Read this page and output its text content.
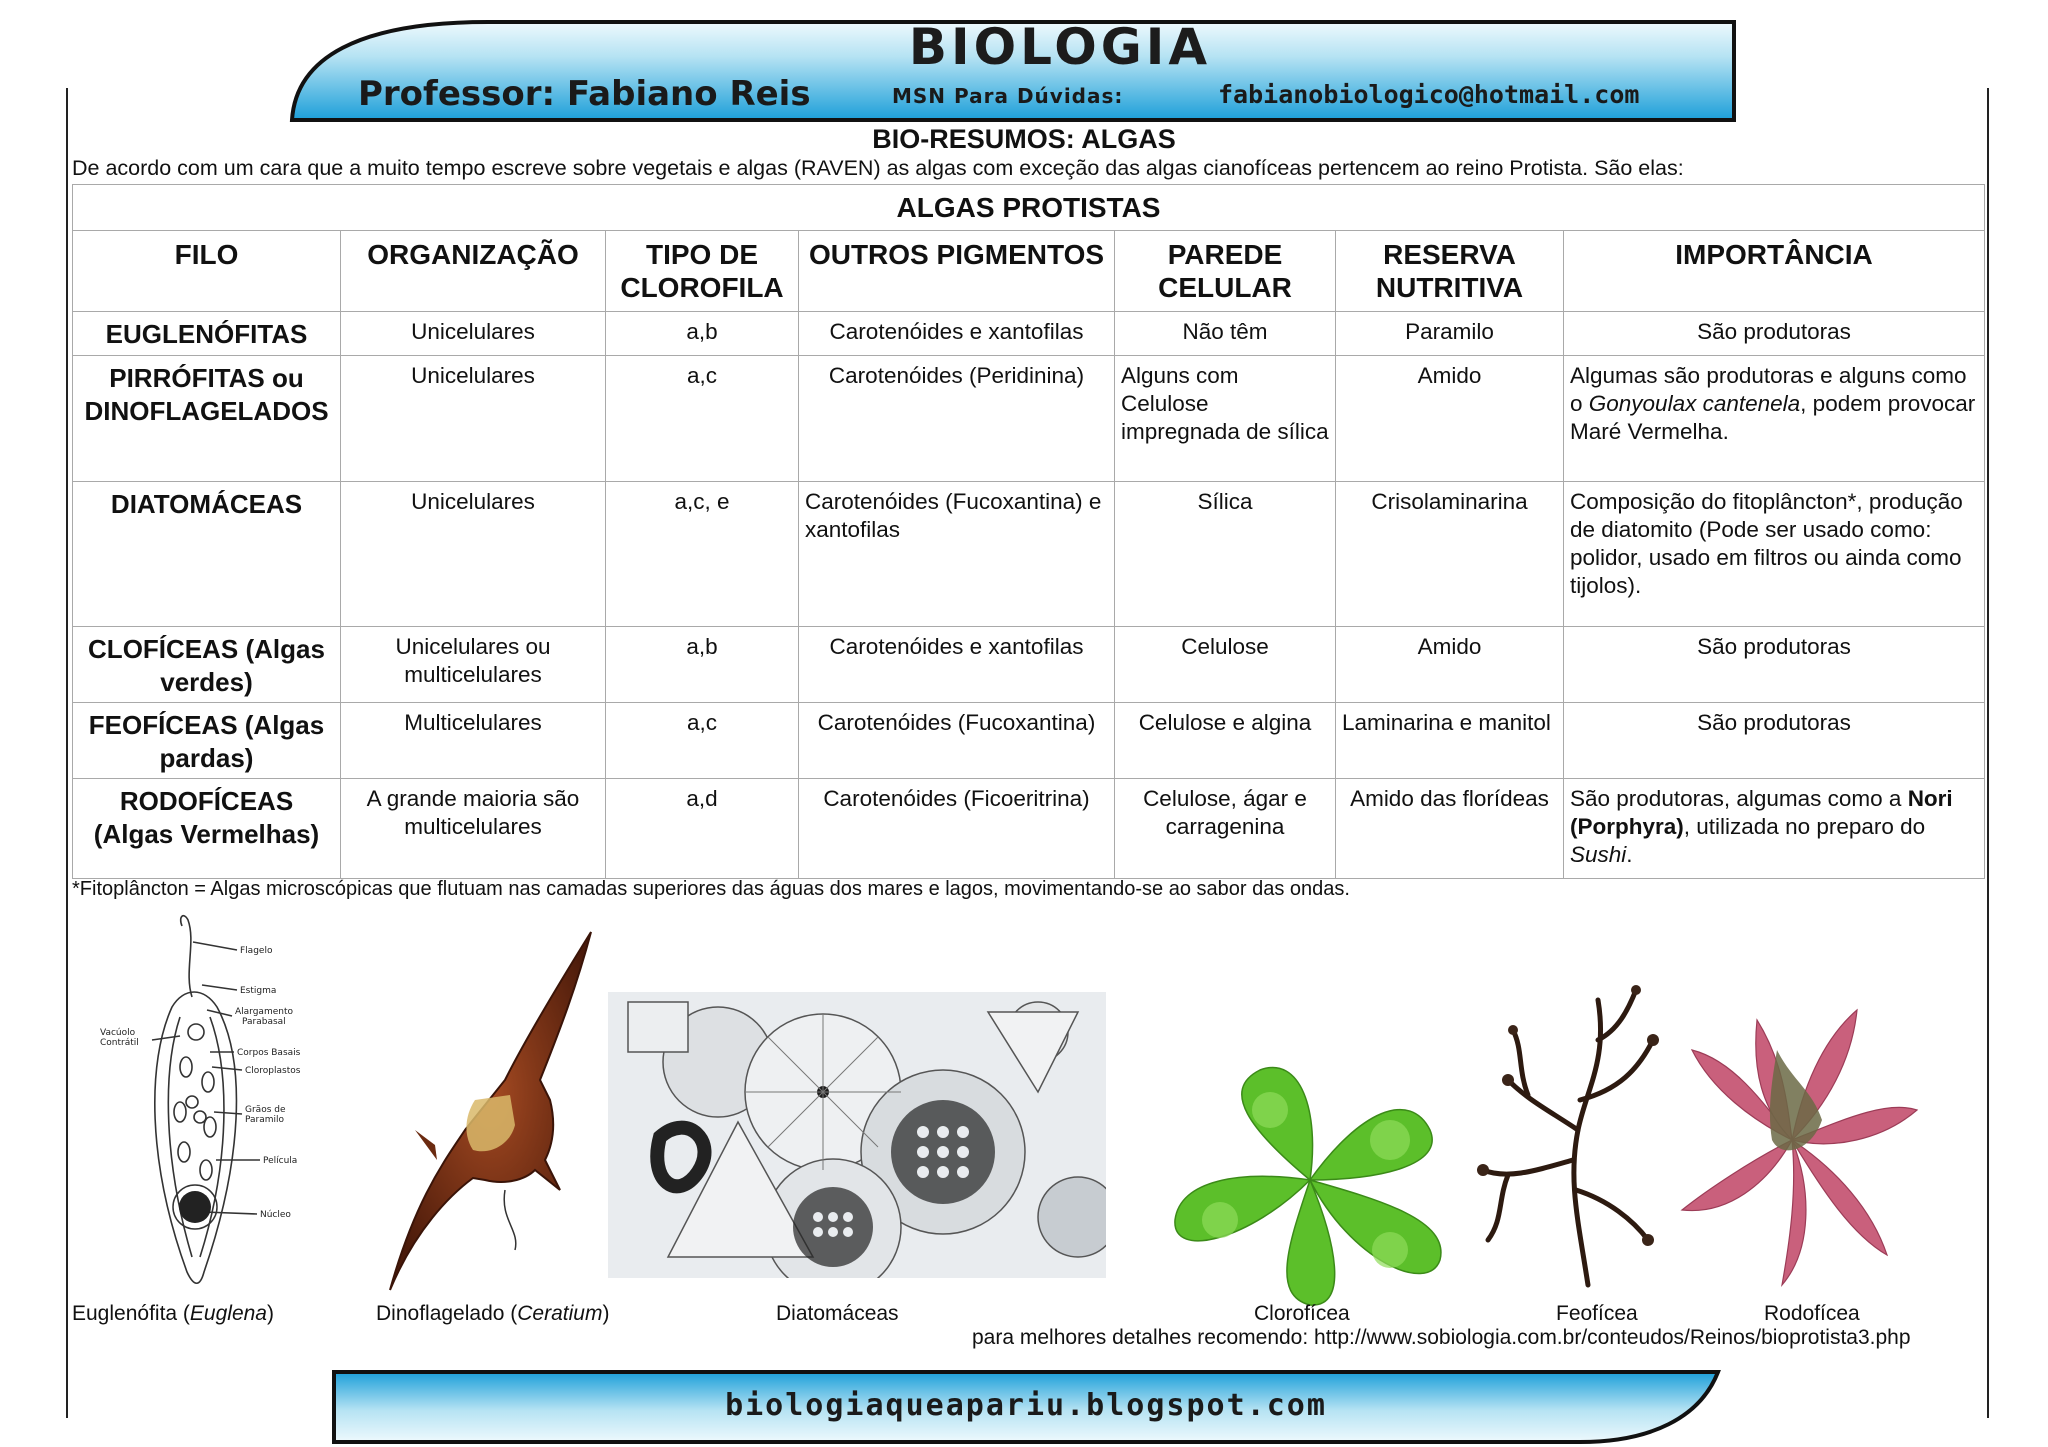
BIOLOGIA
Professor: Fabiano Reis	MSN Para Dúvidas:	fabianobiologico@hotmail.com
BIO-RESUMOS: ALGAS
De acordo com um cara que a muito tempo escreve sobre vegetais e algas (RAVEN) as algas com exceção das algas cianofíceas pertencem ao reino Protista. São elas:
ALGAS PROTISTAS						
FILO	ORGANIZAÇÃO	TIPO DE CLOROFILA	OUTROS PIGMENTOS	PAREDE CELULAR	RESERVA NUTRITIVA	IMPORTÂNCIA
EUGLENÓFITAS	Unicelulares	a,b	Carotenóides e xantofilas	Não têm	Paramilo	São produtoras
PIRRÓFITAS ou DINOFLAGELADOS	Unicelulares	a,c	Carotenóides (Peridinina)	Alguns com Celulose impregnada de sílica	Amido	Algumas são produtoras e alguns como o Gonyoulax cantenela, podem provocar Maré Vermelha.
DIATOMÁCEAS	Unicelulares	a,c, e	Carotenóides (Fucoxantina) e xantofilas	Sílica	Crisolaminarina	Composição do fitoplâncton*, produção de diatomito (Pode ser usado como: polidor, usado em filtros ou ainda como tijolos).
CLOFÍCEAS (Algas verdes)	Unicelulares ou multicelulares	a,b	Carotenóides e xantofilas	Celulose	Amido	São produtoras
FEOFÍCEAS (Algas pardas)	Multicelulares	a,c	Carotenóides (Fucoxantina)	Celulose e algina	Laminarina e manitol	São produtoras
RODOFÍCEAS (Algas Vermelhas)	A grande maioria são multicelulares	a,d	Carotenóides (Ficoeritrina)	Celulose, ágar e carragenina	Amido das florídeas	São produtoras, algumas como a Nori (Porphyra), utilizada no preparo do Sushi.
*Fitoplâncton = Algas microscópicas que flutuam nas camadas superiores das águas dos mares e lagos, movimentando-se ao sabor das ondas.
Flagelo
Estigma
Alargamento
Parabasal
Vacúolo
Contrátil
Corpos Basais
Cloroplastos
Grãos de
Paramilo
Película
Núcleo
Euglenófita (Euglena)	Dinoflagelado (Ceratium)	Diatomáceas	Clorofícea	Feofícea	Rodofícea
para melhores detalhes recomendo: http://www.sobiologia.com.br/conteudos/Reinos/bioprotista3.php
biologiaqueapariu.blogspot.com
